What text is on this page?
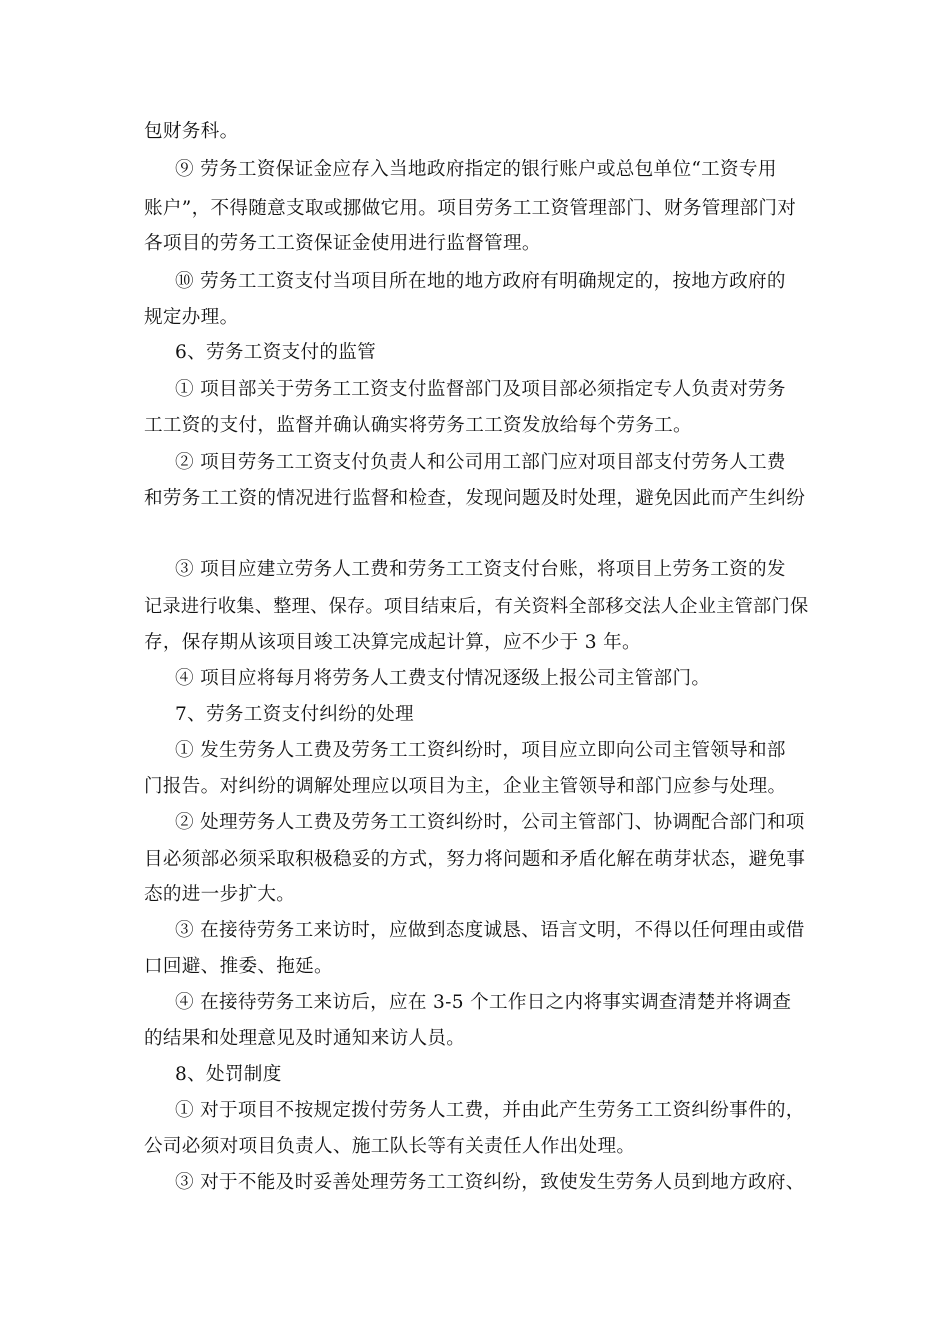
包财务科。
⑨ 劳务工资保证金应存入当地政府指定的银行账户或总包单位“工资专用
账户”，不得随意支取或挪做它用。项目劳务工工资管理部门、财务管理部门对
各项目的劳务工工资保证金使用进行监督管理。
⑩ 劳务工工资支付当项目所在地的地方政府有明确规定的，按地方政府的
规定办理。
6、劳务工资支付的监管
① 项目部关于劳务工工资支付监督部门及项目部必须指定专人负责对劳务
工工资的支付，监督并确认确实将劳务工工资发放给每个劳务工。
② 项目劳务工工资支付负责人和公司用工部门应对项目部支付劳务人工费
和劳务工工资的情况进行监督和检查，发现问题及时处理，避免因此而产生纠纷
③ 项目应建立劳务人工费和劳务工工资支付台账，将项目上劳务工资的发
记录进行收集、整理、保存。项目结束后，有关资料全部移交法人企业主管部门保
存，保存期从该项目竣工决算完成起计算，应不少于 3 年。
④ 项目应将每月将劳务人工费支付情况逐级上报公司主管部门。
7、劳务工资支付纠纷的处理
① 发生劳务人工费及劳务工工资纠纷时，项目应立即向公司主管领导和部
门报告。对纠纷的调解处理应以项目为主，企业主管领导和部门应参与处理。
② 处理劳务人工费及劳务工工资纠纷时，公司主管部门、协调配合部门和项
目必须部必须采取积极稳妥的方式，努力将问题和矛盾化解在萌芽状态，避免事
态的进一步扩大。
③ 在接待劳务工来访时，应做到态度诚恳、语言文明，不得以任何理由或借
口回避、推委、拖延。
④ 在接待劳务工来访后，应在 3-5 个工作日之内将事实调查清楚并将调查
的结果和处理意见及时通知来访人员。
8、处罚制度
① 对于项目不按规定拨付劳务人工费，并由此产生劳务工工资纠纷事件的，
公司必须对项目负责人、施工队长等有关责任人作出处理。
③ 对于不能及时妥善处理劳务工工资纠纷，致使发生劳务人员到地方政府、
